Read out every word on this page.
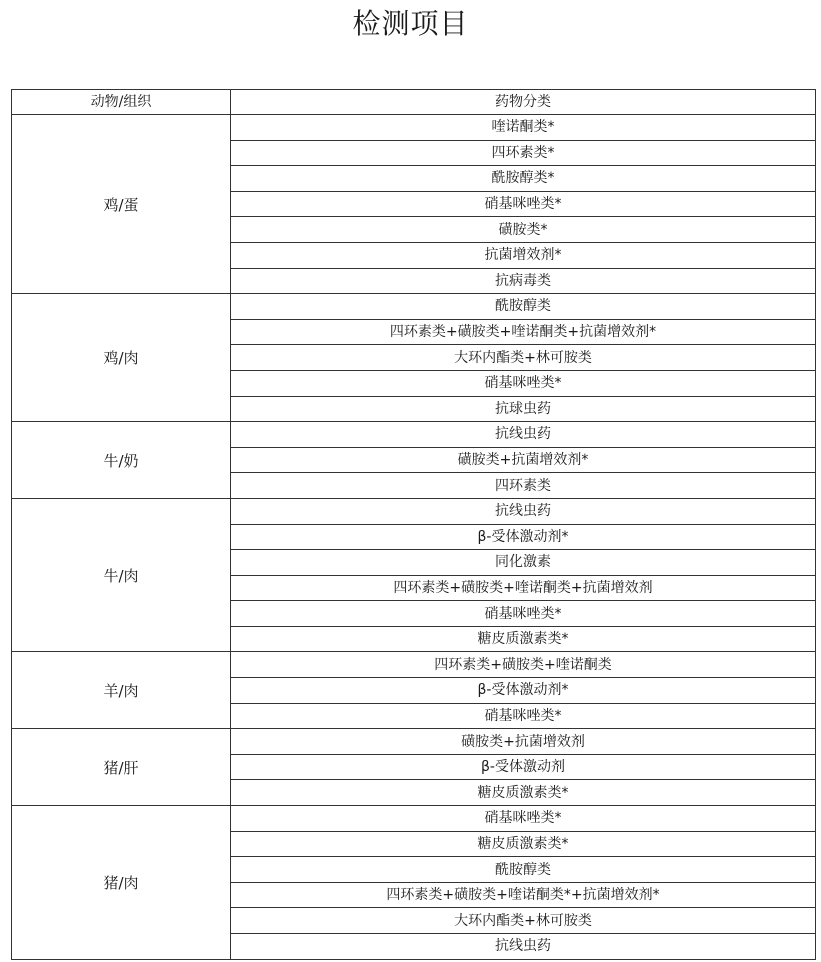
检测项目
动物/组织	药物分类
鸡/蛋	喹诺酮类*
	四环素类*
	酰胺醇类*
	硝基咪唑类*
	磺胺类*
	抗菌增效剂*
	抗病毒类
鸡/肉	酰胺醇类
	四环素类+磺胺类+喹诺酮类+抗菌增效剂*
	大环内酯类+林可胺类
	硝基咪唑类*
	抗球虫药
牛/奶	抗线虫药
	磺胺类+抗菌增效剂*
	四环素类
牛/肉	抗线虫药
	β-受体激动剂*
	同化激素
	四环素类+磺胺类+喹诺酮类+抗菌增效剂
	硝基咪唑类*
	糖皮质激素类*
羊/肉	四环素类+磺胺类+喹诺酮类
	β-受体激动剂*
	硝基咪唑类*
猪/肝	磺胺类+抗菌增效剂
	β-受体激动剂
	糖皮质激素类*
猪/肉	硝基咪唑类*
	糖皮质激素类*
	酰胺醇类
	四环素类+磺胺类+喹诺酮类*+抗菌增效剂*
	大环内酯类+林可胺类
	抗线虫药
